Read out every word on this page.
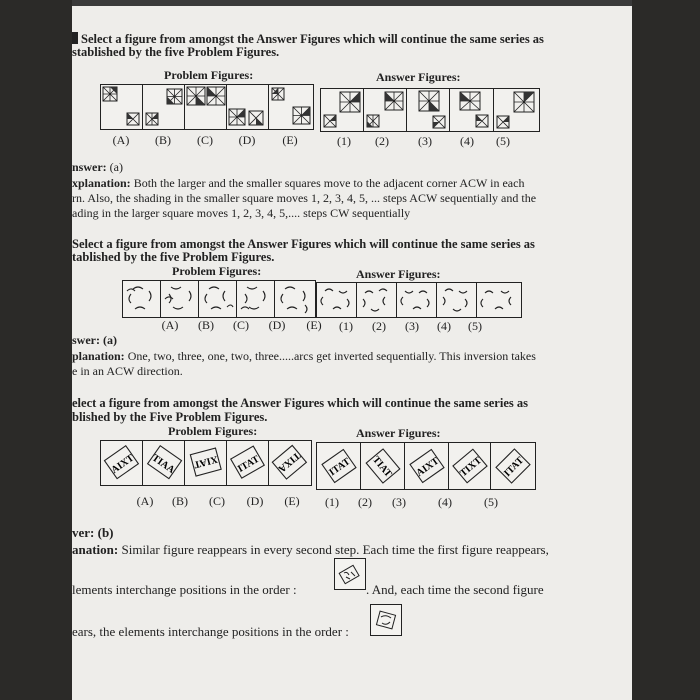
Select a figure from amongst the Answer Figures which will continue the same series as
stablished by the five Problem Figures.
Problem Figures:	Answer Figures:
(A) (B) (C) (D) (E)	(1) (2) (3) (4) (5)
nswer: (a)
xplanation: Both the larger and the smaller squares move to the adjacent corner ACW in each
rn. Also, the shading in the smaller square moves 1, 2, 3, 4, 5, ... steps ACW sequentially and the
ading in the larger square moves 1, 2, 3, 4, 5,.... steps CW sequentially
Select a figure from amongst the Answer Figures which will continue the same series as
tablished by the five Problem Figures.
Problem Figures:	Answer Figures:
(A) (B) (C) (D) (E)	(1) (2) (3) (4) (5)
swer: (a)
planation: One, two, three, one, two, three.....arcs get inverted sequentially. This inversion takes
e in an ACW direction.
elect a figure from amongst the Answer Figures which will continue the same series as
blished by the Five Problem Figures.
Problem Figures:	Answer Figures:
AIXT TIAA XIAT ITAT TIXA	ITAT TIAT AIXT TIXT ITAT
(A) (B) (C) (D) (E)	(1) (2) (3)	(4)	(5)
ver: (b)
anation: Similar figure reappears in every second step. Each time the first figure reappears,
lements interchange positions in the order :	. And, each time the second figure
ears, the elements interchange positions in the order :
